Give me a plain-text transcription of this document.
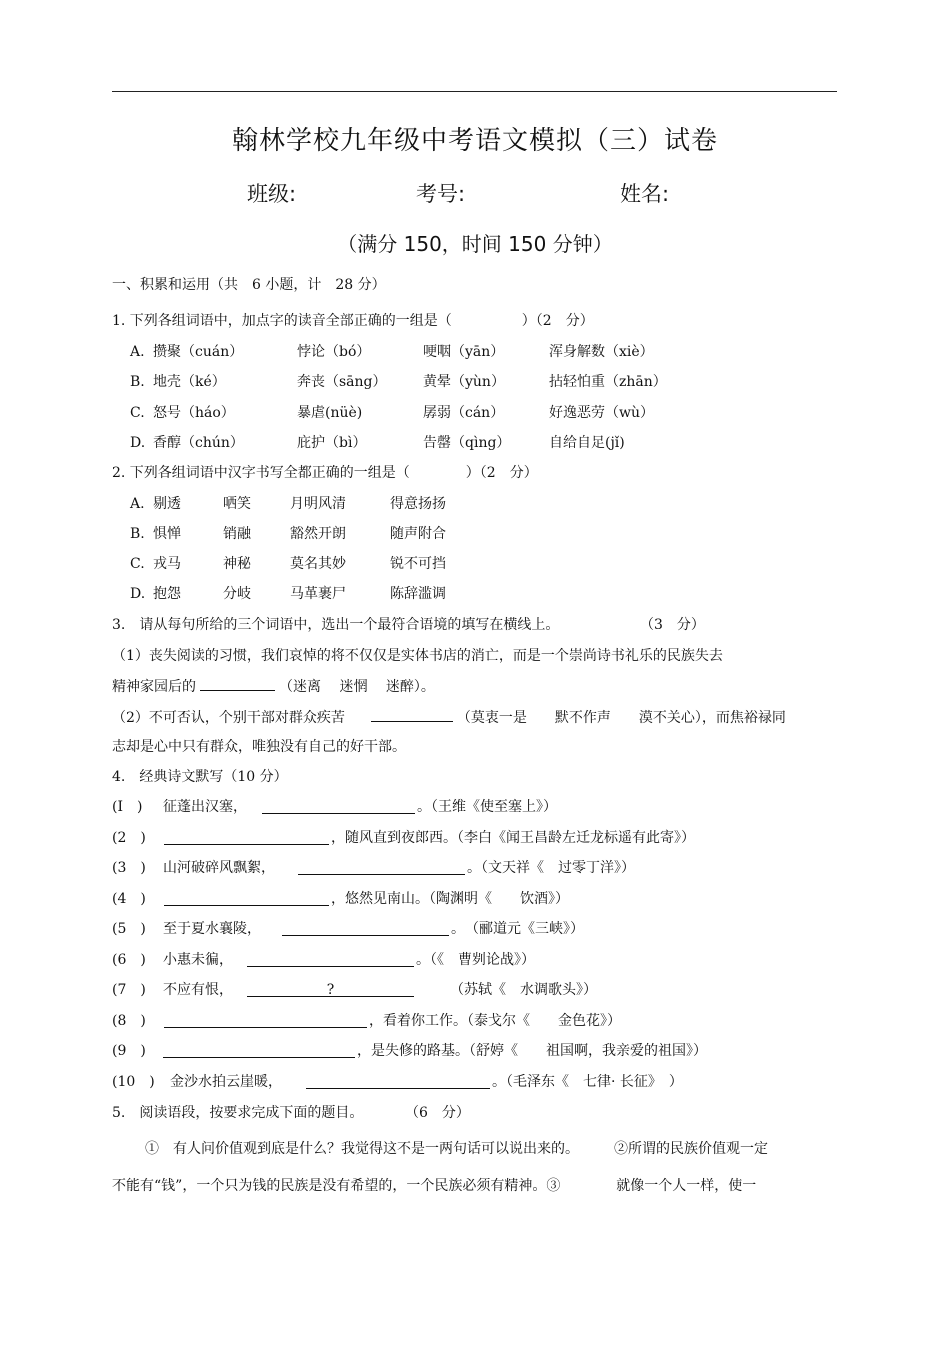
翰林学校九年级中考语文模拟（三）试卷
班级:	考号:	姓名:
（满分 150，时间 150 分钟）
一、积累和运用（共　6 小题，计　28 分）
1. 下列各组词语中，加点字的读音全部正确的一组是（　　　　　）（2　分）
A. 攒聚（cuán）	悖论（bó）	哽咽（yān）	浑身解数（xiè）
B. 地壳（ké）	奔丧（sāng）	黄晕（yùn）	拈轻怕重（zhān）
C. 怒号（háo）	暴虐(nüè)	孱弱（cán）	好逸恶劳（wù）
D. 香醇（chún）	庇护（bì）	告罄（qìng）	自给自足(jǐ)
2. 下列各组词语中汉字书写全都正确的一组是（　　　　）（2　分）
A. 剔透	哂笑	月明风清	得意扬扬
B. 惧惮	销融	豁然开朗	随声附合
C. 戎马	神秘	莫名其妙	锐不可挡
D. 抱怨	分岐	马革裹尸	陈辞滥调
3.　请从每句所给的三个词语中，选出一个最符合语境的填写在横线上。	（3　分）
（1）丧失阅读的习惯，我们哀悼的将不仅仅是实体书店的消亡，而是一个崇尚诗书礼乐的民族失去
精神家园后的	（迷离　 迷惘　 迷醉）。
（2）不可否认，个别干部对群众疾苦	（莫衷一是　　默不作声　　漠不关心），而焦裕禄同
志却是心中只有群众，唯独没有自己的好干部。
4.　经典诗文默写（10 分）
(Ⅰ　) 征蓬出汉塞，	。（王维《使至塞上》）
(2　)	，随风直到夜郎西。（李白《闻王昌龄左迁龙标遥有此寄》）
(3　) 山河破碎风飘絮，	。（文天祥《　过零丁洋》）
(4　)	，悠然见南山。（陶渊明《　　饮酒》）
(5　) 至于夏水襄陵，	。　（郦道元《三峡》）
(6　) 小惠未徧，	。（《　曹刿论战》）
(7　) 不应有恨，	?	（苏轼《　水调歌头》）
(8　)	，看着你工作。（泰戈尔《　　金色花》）
(9　)	，是失修的路基。（舒婷《　　祖国啊，我亲爱的祖国》）
(10　) 金沙水拍云崖暖，	。（毛泽东《　七律· 长征》　）
5.　阅读语段，按要求完成下面的题目。	（6　分）
①　有人问价值观到底是什么？我觉得这不是一两句话可以说出来的。　　　②所谓的民族价值观一定
不能有“钱”，一个只为钱的民族是没有希望的，一个民族必须有精神。③　　　　就像一个人一样，使一
